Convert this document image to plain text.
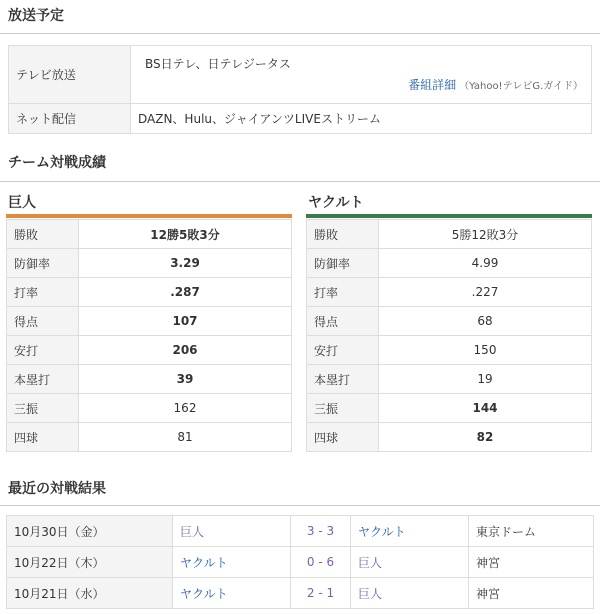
放送予定
テレビ放送	BS日テレ、日テレジータス
番組詳細 （Yahoo!テレビG.ガイド）

ネット配信	DAZN、Hulu、ジャイアンツLIVEストリーム
チーム対戦成績
巨人	ヤクルト
勝敗	12勝5敗3分
防御率	3.29
打率	.287
得点	107
安打	206
本塁打	39
三振	162
四球	81
勝敗	5勝12敗3分
防御率	4.99
打率	.227
得点	68
安打	150
本塁打	19
三振	144
四球	82
最近の対戦結果
10月30日（金）	巨人	3 - 3	ヤクルト	東京ドーム
10月22日（木）	ヤクルト	0 - 6	巨人	神宮
10月21日（水）	ヤクルト	2 - 1	巨人	神宮
